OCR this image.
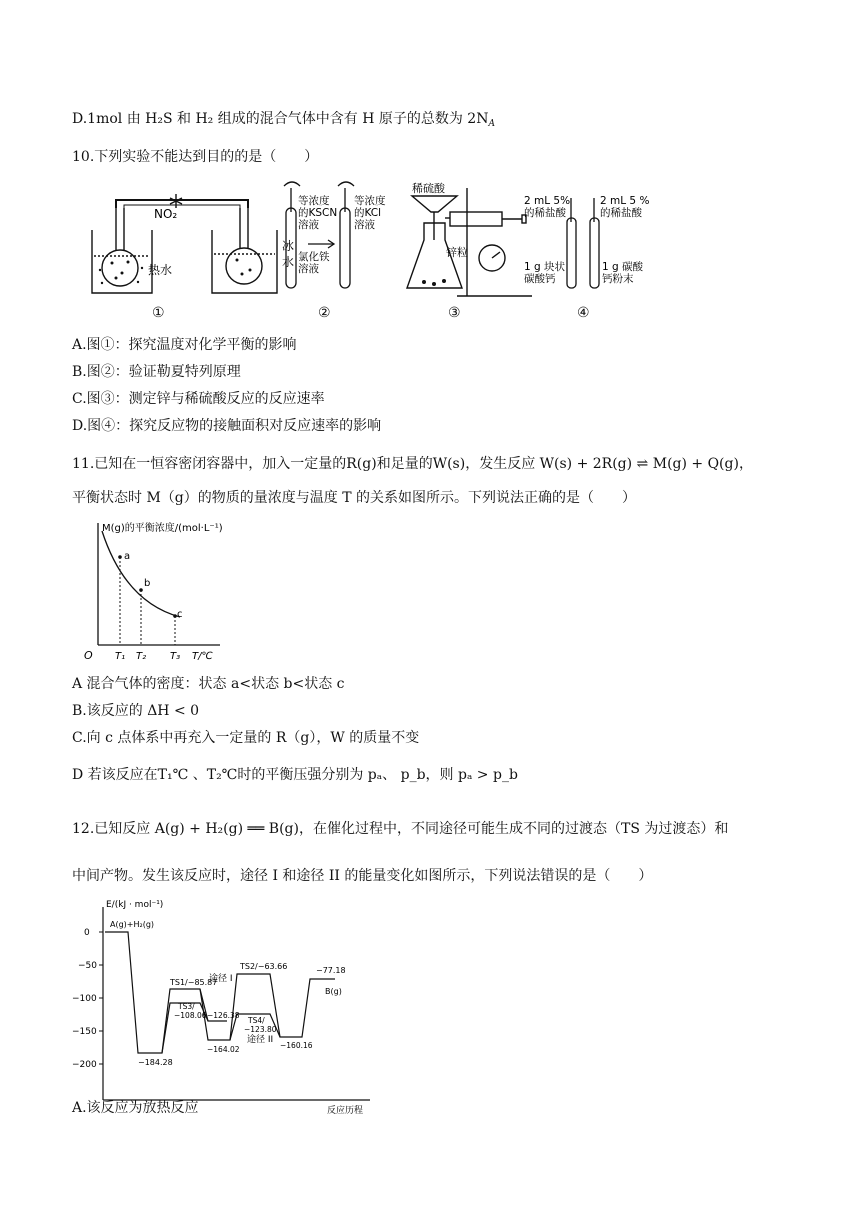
D.1mol 由 H₂S 和 H₂ 组成的混合气体中含有 H 原子的总数为 $2N_A$
10.下列实验不能达到目的的是（　　）
NO₂
热水
冰
水
等浓度
的KSCN
溶液
等浓度
的KCl
溶液
氯化铁
溶液
稀硫酸
锌粒
2 mL 5%
的稀盐酸
2 mL 5 %
的稀盐酸
1 g 块状
碳酸钙
1 g 碳酸
钙粉末
①	②	③	④
A.图①：探究温度对化学平衡的影响
B.图②：验证勒夏特列原理
C.图③：测定锌与稀硫酸反应的反应速率
D.图④：探究反应物的接触面积对反应速率的影响
11.已知在一恒容密闭容器中，加入一定量的R(g)和足量的W(s)，发生反应 W(s) + 2R(g) ⇌ M(g) + Q(g)，
平衡状态时 M（g）的物质的量浓度与温度 T 的关系如图所示。下列说法正确的是（　　）
M(g)的平衡浓度/(mol·L⁻¹)
a
b
c
O T₁ T₂ T₃ T/℃
A 混合气体的密度：状态 a<状态 b<状态 c
B.该反应的 ΔH < 0
C.向 c 点体系中再充入一定量的 R（g），W 的质量不变
D 若该反应在T₁℃ 、T₂℃时的平衡压强分别为 pₐ、 p_b，则 pₐ > p_b
12.已知反应 A(g) + H₂(g) ══ B(g)，在催化过程中，不同途径可能生成不同的过渡态（TS 为过渡态）和
中间产物。发生该反应时，途径 I 和途径 II 的能量变化如图所示，下列说法错误的是（　　）
E/(kJ · mol⁻¹)
0
−50
−100
−150
−200
反应历程
A(g)+H₂(g)
−184.28
TS1/−85.87
TS3/
−108.06 −126.38
−164.02
TS2/−63.66
TS4/
−123.80
−160.16
−77.18
B(g)
途径 I
途径 II
A.该反应为放热反应
